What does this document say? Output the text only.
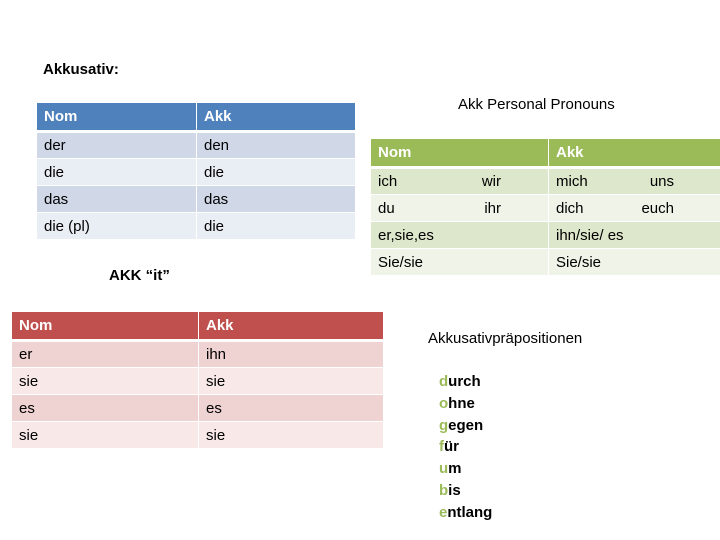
Akkusativ:
Akk Personal Pronouns
AKK “it”
Akkusativpräpositionen
Nom	Akk
der	den
die	die
das	das
die (pl)	die
Nom	Akk

ich wir	mich uns

du ihr	dich euch

er,sie,es	ihn/sie/ es
Sie/sie	Sie/sie
Nom	Akk
er	ihn
sie	sie
es	es
sie	sie
durch
ohne
gegen
für
um
bis
entlang
